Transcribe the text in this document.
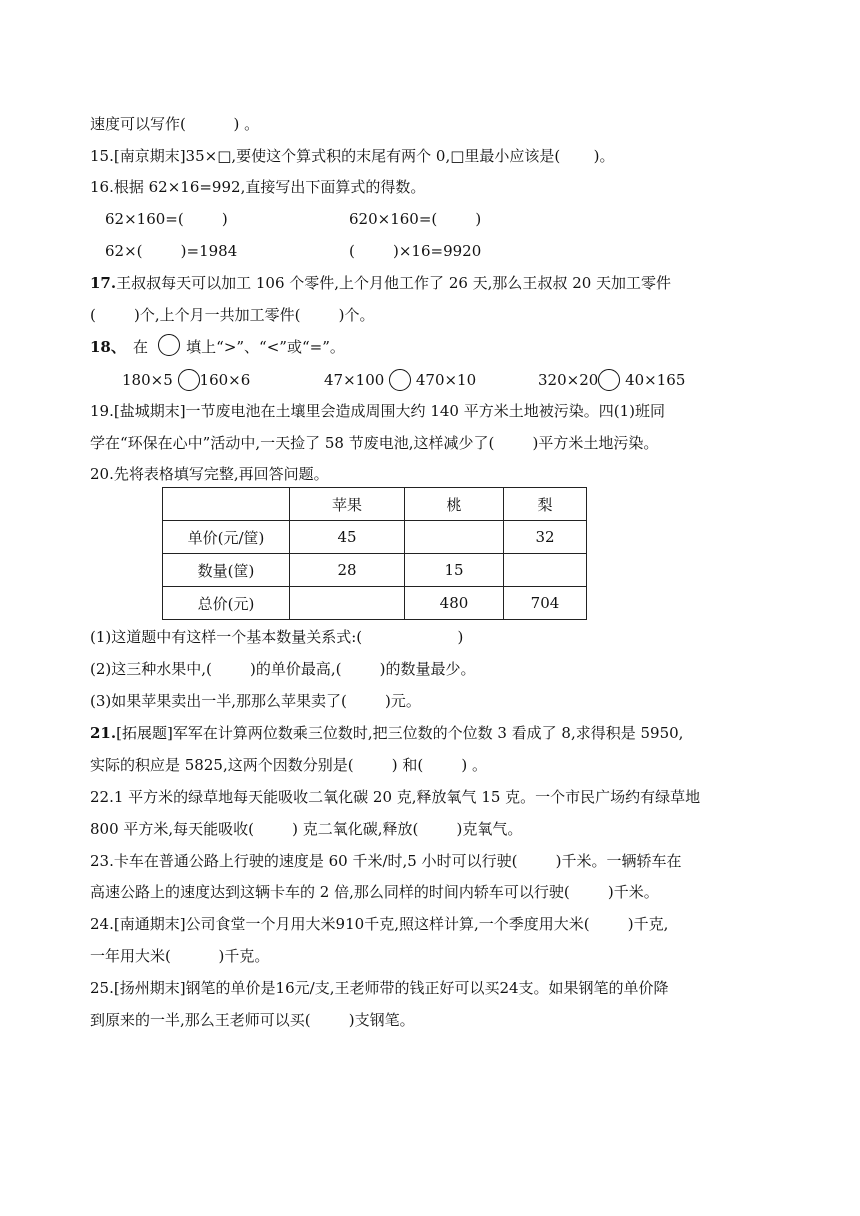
速度可以写作(          ) 。
15.[南京期末]35×□,要使这个算式积的末尾有两个 0,□里最小应该是(       )。
16.根据 62×16=992,直接写出下面算式的得数。
62×160=(        )	620×160=(        )
62×(        )=1984	(        )×16=9920
17.王叔叔每天可以加工 106 个零件,上个月他工作了 26 天,那么王叔叔 20 天加工零件
(        )个,上个月一共加工零件(        )个。
18、 在        填上“>”、“<”或“=”。
180×5 160×6	47×100 470×10	320×20 40×165
19.[盐城期末]一节废电池在土壤里会造成周围大约 140 平方米土地被污染。四(1)班同
学在“环保在心中”活动中,一天捡了 58 节废电池,这样减少了(        )平方米土地污染。
20.先将表格填写完整,再回答问题。
	苹果	桃	梨
单价(元/筐)	45		32
数量(筐)	28	15	
总价(元)		480	704
(1)这道题中有这样一个基本数量关系式:(                    )
(2)这三种水果中,(        )的单价最高,(        )的数量最少。
(3)如果苹果卖出一半,那那么苹果卖了(        )元。
21.[拓展题]军军在计算两位数乘三位数时,把三位数的个位数 3 看成了 8,求得积是 5950,
实际的积应是 5825,这两个因数分别是(        ) 和(        ) 。
22.1 平方米的绿草地每天能吸收二氧化碳 20 克,释放氧气 15 克。一个市民广场约有绿草地
800 平方米,每天能吸收(        ) 克二氧化碳,释放(        )克氧气。
23.卡车在普通公路上行驶的速度是 60 千米/时,5 小时可以行驶(        )千米。一辆轿车在
高速公路上的速度达到这辆卡车的 2 倍,那么同样的时间内轿车可以行驶(        )千米。
24.[南通期末]公司食堂一个月用大米910千克,照这样计算,一个季度用大米(        )千克,
一年用大米(          )千克。
25.[扬州期末]钢笔的单价是16元/支,王老师带的钱正好可以买24支。如果钢笔的单价降
到原来的一半,那么王老师可以买(        )支钢笔。
